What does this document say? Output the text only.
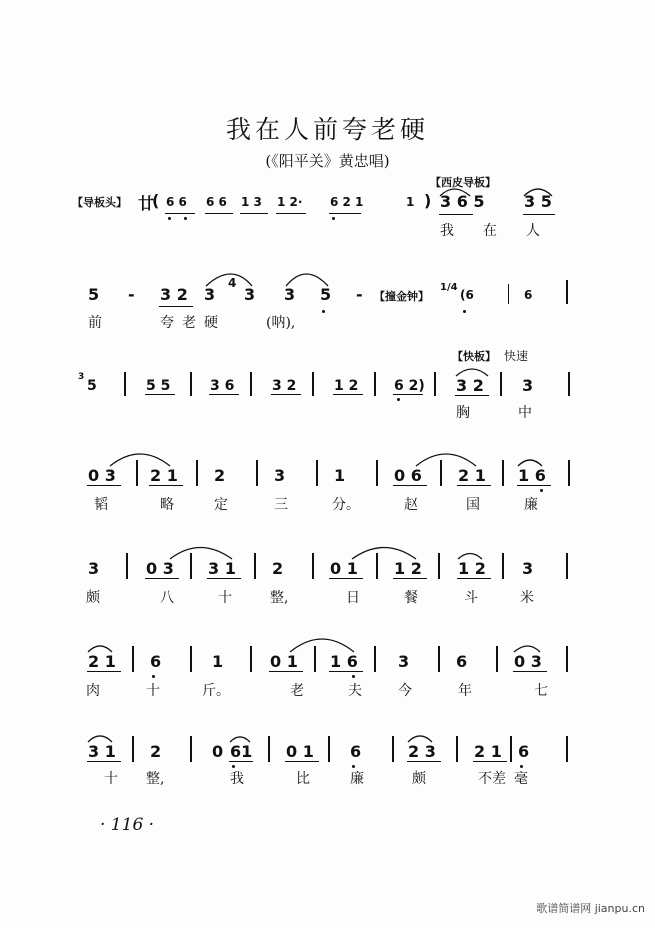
我在人前夸老硬
(《阳平关》黄忠唱)
【西皮导板】
【导板头】 廿
( 6 6 6 6 1 3 1 2· 6 2 1	1 ) 3 6 5 3 5
我 在 人
5 - 3 2 3
4
3 3 5 - 【撞金钟】
1/4
(6	6
前	夸 老 硬	(呐),
【快板】 快速
3
5	5 5	3 6	3 2	1 2	6 2) 3 2 3
胸	中
0 3 2 1 2	3	1	0 6 2 1 1 6
韬	略	定	三	分。	赵	国	廉
3	0 3 3 1 2	0 1 1 2 1 2 3
颇	八	十	整,	日	餐	斗	米
2 1 6	1	0 1 1 6	3	6	0 3
肉	十	斤。	老	夫	今	年	七
3 1 2	0 61 0 1 6	2 3 2 1 6
十 整,	我	比	廉	颇	不差 毫
· 116 ·
歌谱简谱网 jianpu.cn
